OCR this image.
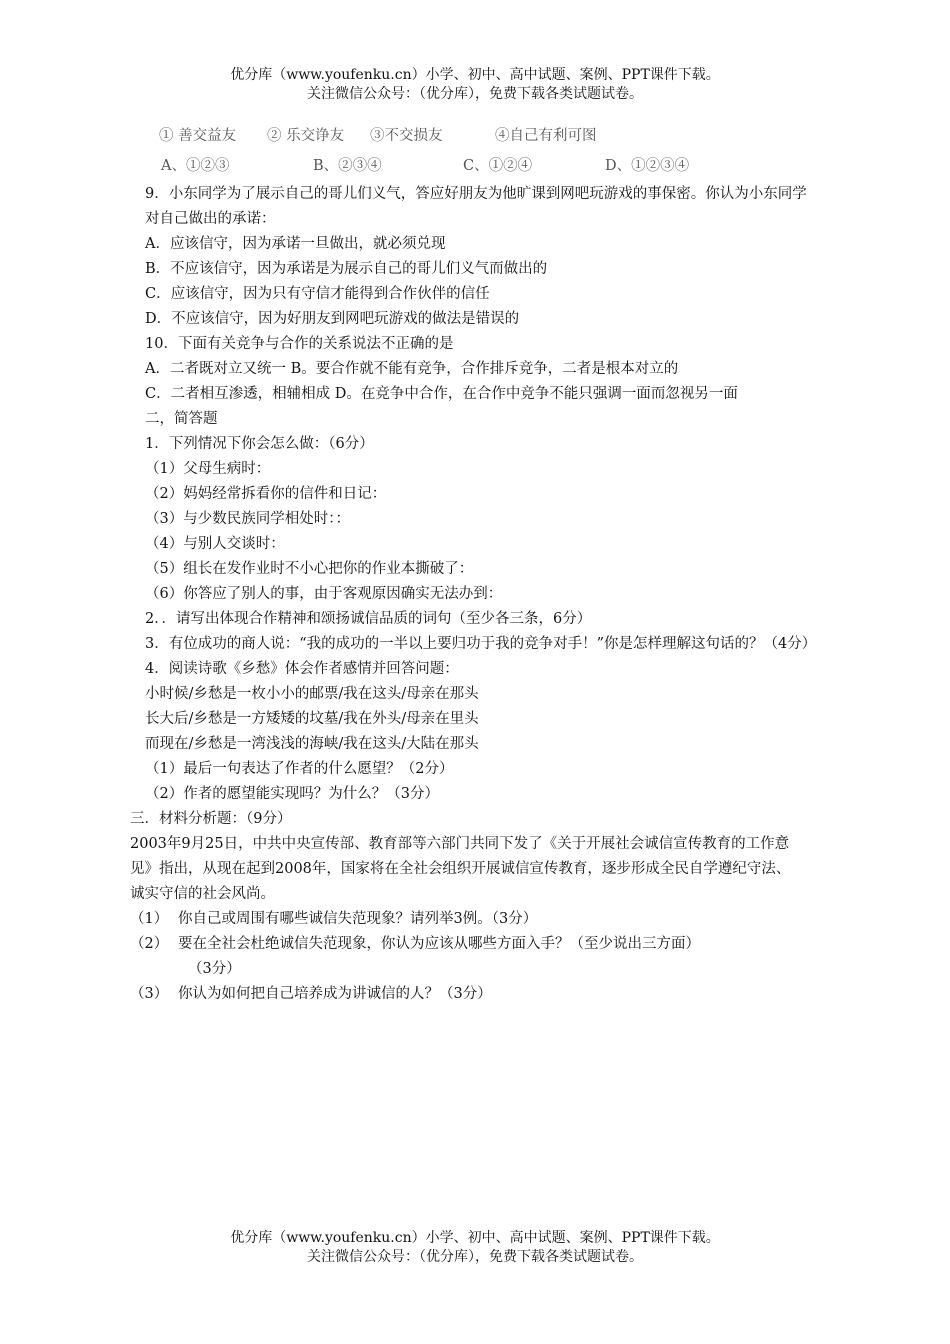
优分库（www.youfenku.cn）小学、初中、高中试题、案例、PPT课件下载。
关注微信公众号：（优分库），免费下载各类试题试卷。
① 善交益友 ② 乐交诤友 ③不交损友	④自己有利可图
A、①②③	B、②③④	C、①②④	D、①②③④
9．小东同学为了展示自己的哥儿们义气，答应好朋友为他旷课到网吧玩游戏的事保密。你认为小东同学对自己做出的承诺：
A．应该信守，因为承诺一旦做出，就必须兑现
B．不应该信守，因为承诺是为展示自己的哥儿们义气而做出的
C．应该信守，因为只有守信才能得到合作伙伴的信任
D．不应该信守，因为好朋友到网吧玩游戏的做法是错误的
10．下面有关竞争与合作的关系说法不正确的是
A．二者既对立又统一 B。要合作就不能有竞争，合作排斥竞争，二者是根本对立的
C．二者相互渗透，相辅相成 D。在竞争中合作，在合作中竞争不能只强调一面而忽视另一面
二，简答题
1．下列情况下你会怎么做：（6分）
（1）父母生病时：
（2）妈妈经常拆看你的信件和日记：
（3）与少数民族同学相处时：：
（4）与别人交谈时：
（5）组长在发作业时不小心把你的作业本撕破了：
（6）你答应了别人的事，由于客观原因确实无法办到：
2．．请写出体现合作精神和颂扬诚信品质的词句（至少各三条，6分）
3．有位成功的商人说：“我的成功的一半以上要归功于我的竞争对手！”你是怎样理解这句话的？（4分）
4．阅读诗歌《乡愁》体会作者感情并回答问题：
小时候/乡愁是一枚小小的邮票/我在这头/母亲在那头
长大后/乡愁是一方矮矮的坟墓/我在外头/母亲在里头
而现在/乡愁是一湾浅浅的海峡/我在这头/大陆在那头
（1）最后一句表达了作者的什么愿望？（2分）
（2）作者的愿望能实现吗？为什么？（3分）
三．材料分析题：（9分）
2003年9月25日，中共中央宣传部、教育部等六部门共同下发了《关于开展社会诚信宣传教育的工作意见》指出，从现在起到2008年，国家将在全社会组织开展诚信宣传教育，逐步形成全民自学遵纪守法、诚实守信的社会风尚。
（1） 你自己或周围有哪些诚信失范现象？请列举3例。（3分）
（2） 要在全社会杜绝诚信失范现象，你认为应该从哪些方面入手？（至少说出三方面）
（3分）
（3） 你认为如何把自己培养成为讲诚信的人？（3分）
优分库（www.youfenku.cn）小学、初中、高中试题、案例、PPT课件下载。
关注微信公众号：（优分库），免费下载各类试题试卷。
